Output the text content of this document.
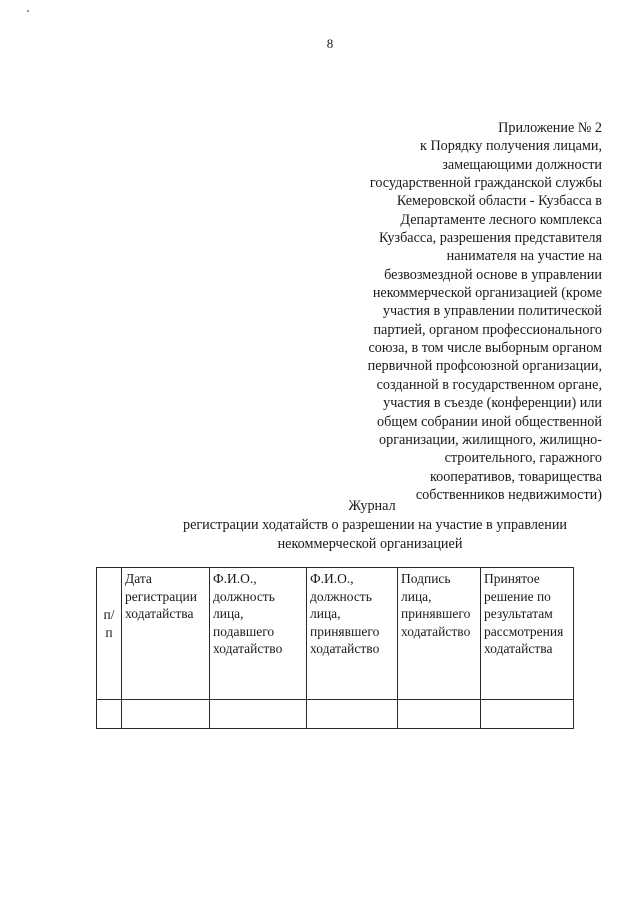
8
Приложение № 2
к Порядку получения лицами,
замещающими должности
государственной гражданской службы
Кемеровской области - Кузбасса в
Департаменте лесного комплекса
Кузбасса, разрешения представителя
нанимателя на участие на
безвозмездной основе в управлении
некоммерческой организацией (кроме
участия в управлении политической
партией, органом профессионального
союза, в том числе выборным органом
первичной профсоюзной организации,
созданной в государственном органе,
участия в съезде (конференции) или
общем собрании иной общественной
организации, жилищного, жилищно-
строительного, гаражного
кооперативов, товарищества
собственников недвижимости)
Журнал
регистрации ходатайств о разрешении на участие в управлении
некоммерческой организацией
п/п	Дата регистрации ходатайства	Ф.И.О., должность лица, подавшего ходатайство	Ф.И.О., должность лица, принявшего ходатайство	Подпись лица, принявшего ходатайство	Принятое решение по результатам рассмотрения ходатайства
